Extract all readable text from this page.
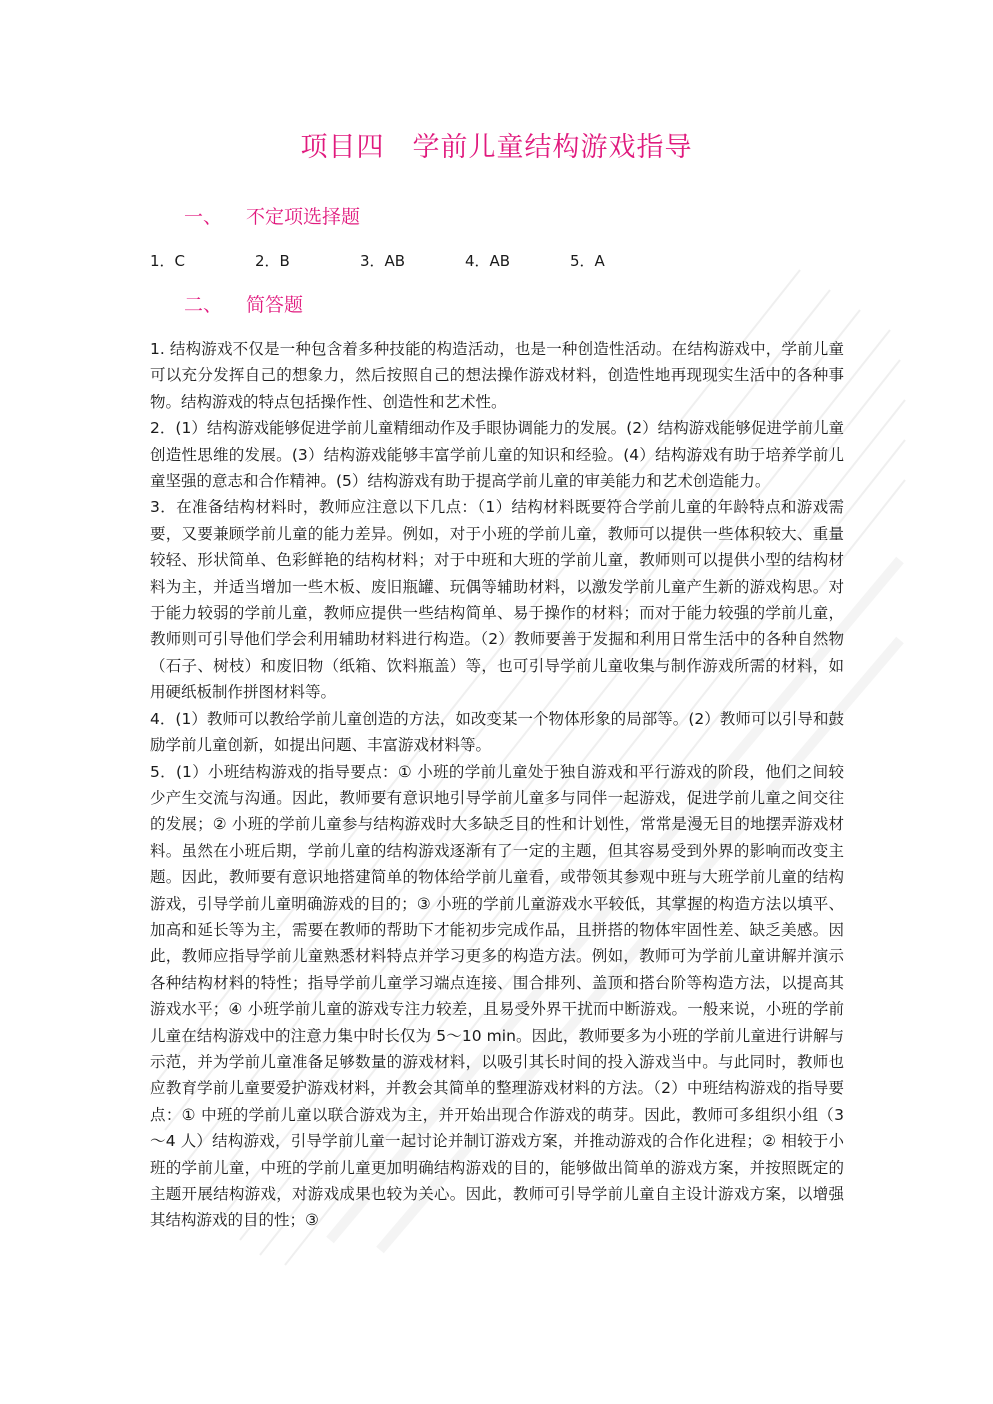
项目四　学前儿童结构游戏指导
一、 不定项选择题
1．C	2．B	3．AB	4．AB	5．A
二、 简答题

1. 结构游戏不仅是一种包含着多种技能的构造活动，也是一种创造性活动。在结构游戏中，学前儿童可以充分发挥自己的想象力，然后按照自己的想法操作游戏材料，创造性地再现现实生活中的各种事物。结构游戏的特点包括操作性、创造性和艺术性。

2．(1）结构游戏能够促进学前儿童精细动作及手眼协调能力的发展。(2）结构游戏能够促进学前儿童创造性思维的发展。(3）结构游戏能够丰富学前儿童的知识和经验。(4）结构游戏有助于培养学前儿童坚强的意志和合作精神。(5）结构游戏有助于提高学前儿童的审美能力和艺术创造能力。

3．在准备结构材料时，教师应注意以下几点：（1）结构材料既要符合学前儿童的年龄特点和游戏需要，又要兼顾学前儿童的能力差异。例如，对于小班的学前儿童，教师可以提供一些体积较大、重量较轻、形状简单、色彩鲜艳的结构材料；对于中班和大班的学前儿童，教师则可以提供小型的结构材料为主，并适当增加一些木板、废旧瓶罐、玩偶等辅助材料，以激发学前儿童产生新的游戏构思。对于能力较弱的学前儿童，教师应提供一些结构简单、易于操作的材料；而对于能力较强的学前儿童，教师则可引导他们学会利用辅助材料进行构造。（2）教师要善于发掘和利用日常生活中的各种自然物（石子、树枝）和废旧物（纸箱、饮料瓶盖）等，也可引导学前儿童收集与制作游戏所需的材料，如用硬纸板制作拼图材料等。

4．(1）教师可以教给学前儿童创造的方法，如改变某一个物体形象的局部等。(2）教师可以引导和鼓励学前儿童创新，如提出问题、丰富游戏材料等。

5．(1）小班结构游戏的指导要点：① 小班的学前儿童处于独自游戏和平行游戏的阶段，他们之间较少产生交流与沟通。因此，教师要有意识地引导学前儿童多与同伴一起游戏，促进学前儿童之间交往的发展；② 小班的学前儿童参与结构游戏时大多缺乏目的性和计划性，常常是漫无目的地摆弄游戏材料。虽然在小班后期，学前儿童的结构游戏逐渐有了一定的主题，但其容易受到外界的影响而改变主题。因此，教师要有意识地搭建简单的物体给学前儿童看，或带领其参观中班与大班学前儿童的结构游戏，引导学前儿童明确游戏的目的；③ 小班的学前儿童游戏水平较低，其掌握的构造方法以填平、加高和延长等为主，需要在教师的帮助下才能初步完成作品，且拼搭的物体牢固性差、缺乏美感。因此，教师应指导学前儿童熟悉材料特点并学习更多的构造方法。例如，教师可为学前儿童讲解并演示各种结构材料的特性；指导学前儿童学习端点连接、围合排列、盖顶和搭台阶等构造方法，以提高其游戏水平；④ 小班学前儿童的游戏专注力较差，且易受外界干扰而中断游戏。一般来说，小班的学前儿童在结构游戏中的注意力集中时长仅为 5～10 min。因此，教师要多为小班的学前儿童进行讲解与示范，并为学前儿童准备足够数量的游戏材料，以吸引其长时间的投入游戏当中。与此同时，教师也应教育学前儿童要爱护游戏材料，并教会其简单的整理游戏材料的方法。（2）中班结构游戏的指导要点：① 中班的学前儿童以联合游戏为主，并开始出现合作游戏的萌芽。因此，教师可多组织小组（3～4 人）结构游戏，引导学前儿童一起讨论并制订游戏方案，并推动游戏的合作化进程；② 相较于小班的学前儿童，中班的学前儿童更加明确结构游戏的目的，能够做出简单的游戏方案，并按照既定的主题开展结构游戏，对游戏成果也较为关心。因此，教师可引导学前儿童自主设计游戏方案，以增强其结构游戏的目的性；③
